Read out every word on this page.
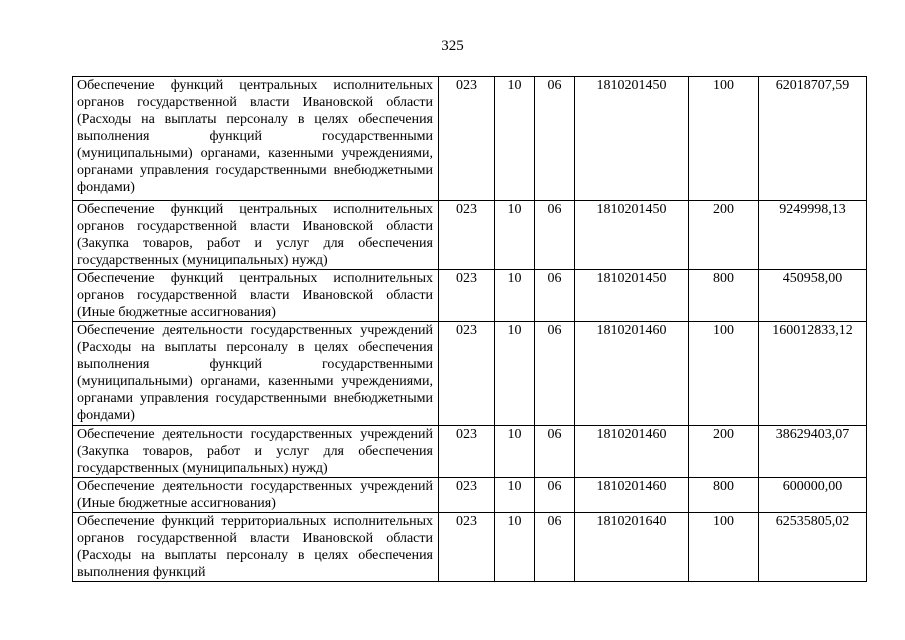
325
Обеспечение функций центральных исполнительных органов государственной власти Ивановской области (Расходы на выплаты персоналу в целях обеспечения выполнения функций государственными (муниципальными) органами, казенными учреждениями, органами управления государственными внебюджетными фондами)	023	10	06	1810201450	100	62018707,59
Обеспечение функций центральных исполнительных органов государственной власти Ивановской области (Закупка товаров, работ и услуг для обеспечения государственных (муниципальных) нужд)	023	10	06	1810201450	200	9249998,13
Обеспечение функций центральных исполнительных органов государственной власти Ивановской области (Иные бюджетные ассигнования)	023	10	06	1810201450	800	450958,00
Обеспечение деятельности государственных учреждений (Расходы на выплаты персоналу в целях обеспечения выполнения функций государственными (муниципальными) органами, казенными учреждениями, органами управления государственными внебюджетными фондами)	023	10	06	1810201460	100	160012833,12
Обеспечение деятельности государственных учреждений (Закупка товаров, работ и услуг для обеспечения государственных (муниципальных) нужд)	023	10	06	1810201460	200	38629403,07
Обеспечение деятельности государственных учреждений (Иные бюджетные ассигнования)	023	10	06	1810201460	800	600000,00
Обеспечение функций территориальных исполнительных органов государственной власти Ивановской области (Расходы на выплаты персоналу в целях обеспечения выполнения функций	023	10	06	1810201640	100	62535805,02
